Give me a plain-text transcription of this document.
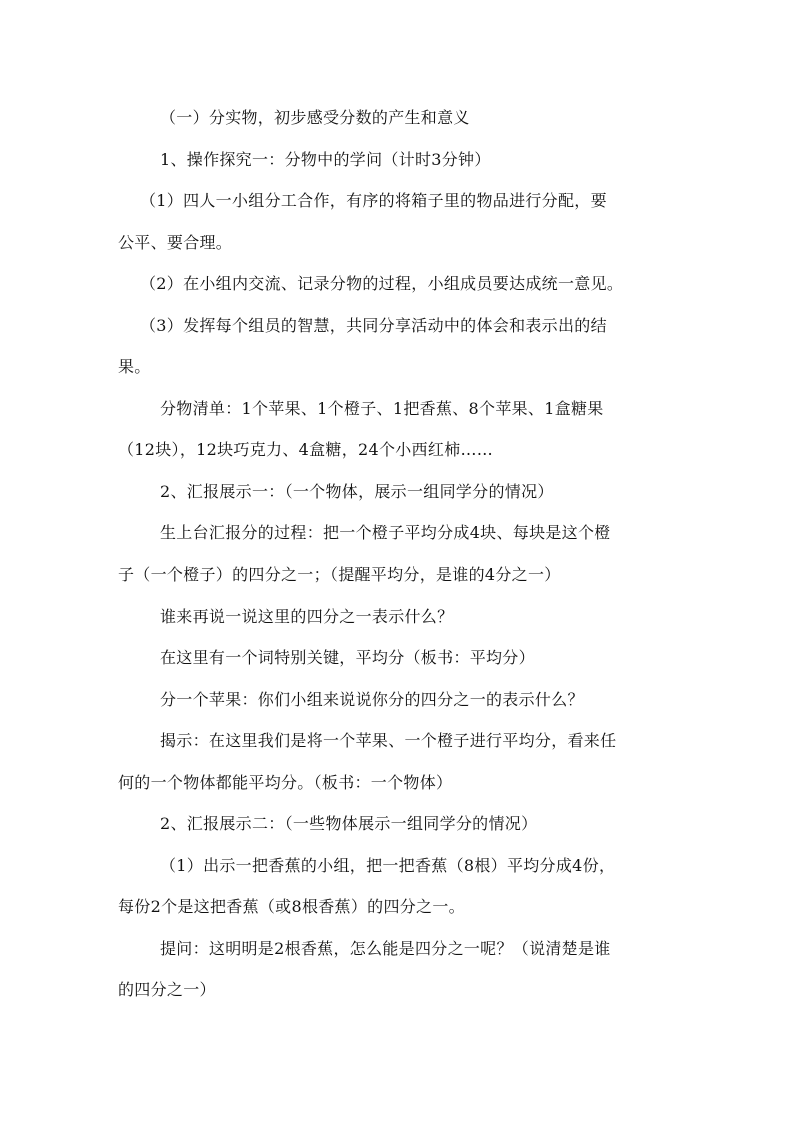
（一）分实物，初步感受分数的产生和意义
1、操作探究一：分物中的学问（计时3分钟）
（1）四人一小组分工合作，有序的将箱子里的物品进行分配，要
公平、要合理。
（2）在小组内交流、记录分物的过程，小组成员要达成统一意见。
（3）发挥每个组员的智慧，共同分享活动中的体会和表示出的结
果。
分物清单：1个苹果、1个橙子、1把香蕉、8个苹果、1盒糖果
（12块），12块巧克力、4盒糖，24个小西红柿……
2、汇报展示一：（一个物体，展示一组同学分的情况）
生上台汇报分的过程：把一个橙子平均分成4块、每块是这个橙
子（一个橙子）的四分之一；（提醒平均分，是谁的4分之一）
谁来再说一说这里的四分之一表示什么？
在这里有一个词特别关键，平均分（板书：平均分）
分一个苹果：你们小组来说说你分的四分之一的表示什么？
揭示：在这里我们是将一个苹果、一个橙子进行平均分，看来任
何的一个物体都能平均分。（板书：一个物体）
2、汇报展示二：（一些物体展示一组同学分的情况）
（1）出示一把香蕉的小组，把一把香蕉（8根）平均分成4份，
每份2个是这把香蕉（或8根香蕉）的四分之一。
提问：这明明是2根香蕉，怎么能是四分之一呢？（说清楚是谁
的四分之一）
